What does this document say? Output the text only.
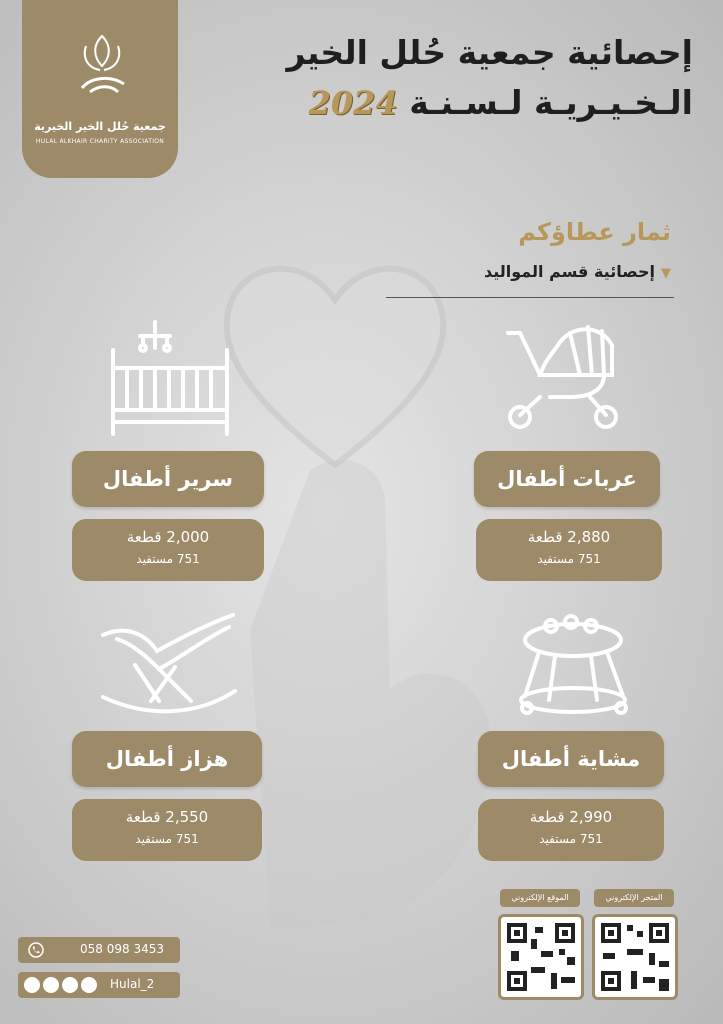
جمعية حُلل الخير الخيرية
HULAL ALKHAIR CHARITY ASSOCIATION
إحصائية جمعية حُلل الخير
الـخـيـريـة لـسـنـة 2024
ثمار عطاؤكم
▼إحصائية قسم المواليد
عربات أطفال
2,880 قطعة
751 مستفيد
سرير أطفال
2,000 قطعة
751 مستفيد
مشاية أطفال
2,990 قطعة
751 مستفيد
هزاز أطفال
2,550 قطعة
751 مستفيد
المتجر الإلكتروني
الموقع الإلكتروني
058 098 3453
Hulal_2
